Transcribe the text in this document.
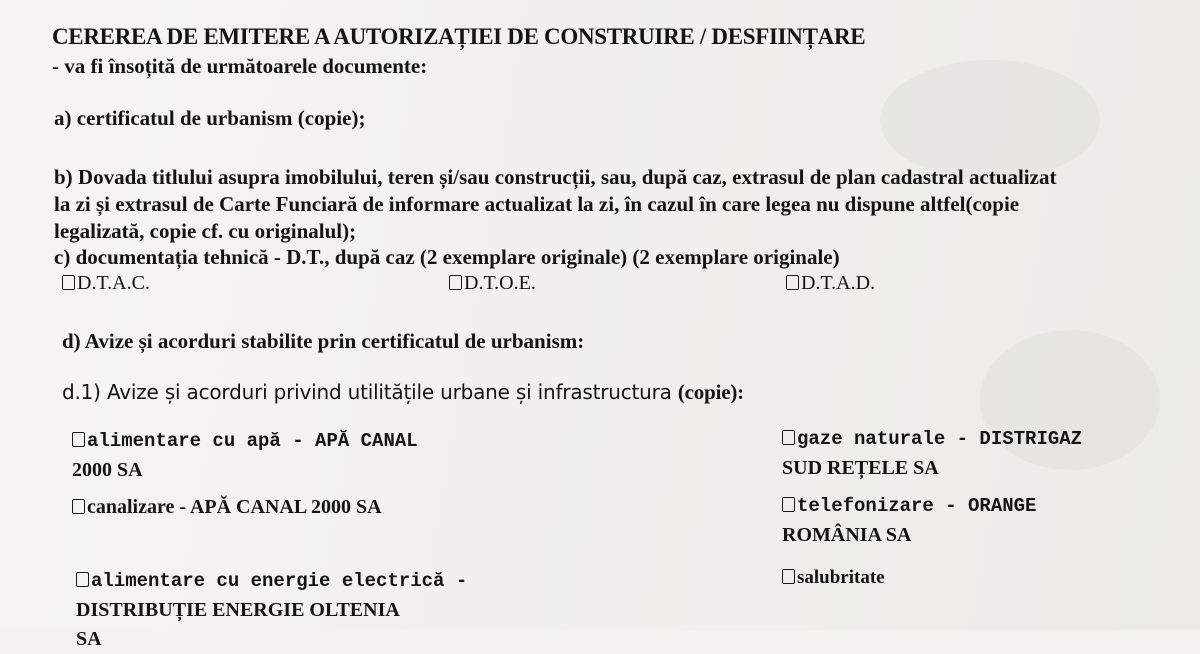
CEREREA DE EMITERE A AUTORIZAȚIEI DE CONSTRUIRE / DESFIINȚARE
- va fi însoțită de următoarele documente:
a) certificatul de urbanism (copie);
b) Dovada titlului asupra imobilului, teren și/sau construcții, sau, după caz, extrasul de plan cadastral actualizat
la zi și extrasul de Carte Funciară de informare actualizat la zi, în cazul în care legea nu dispune altfel(copie
legalizată, copie cf. cu originalul);
c) documentația tehnică - D.T., după caz (2 exemplare originale) (2 exemplare originale)
D.T.A.C.	D.T.O.E.	D.T.A.D.
d) Avize și acorduri stabilite prin certificatul de urbanism:
d.1) Avize și acorduri privind utilitățile urbane și infrastructura (copie):
alimentare cu apă - APĂ CANAL
2000 SA
canalizare - APĂ CANAL 2000 SA
alimentare cu energie electrică -
DISTRIBUȚIE ENERGIE OLTENIA
SA
gaze naturale - DISTRIGAZ
SUD REȚELE SA
telefonizare - ORANGE
ROMÂNIA SA
salubritate
